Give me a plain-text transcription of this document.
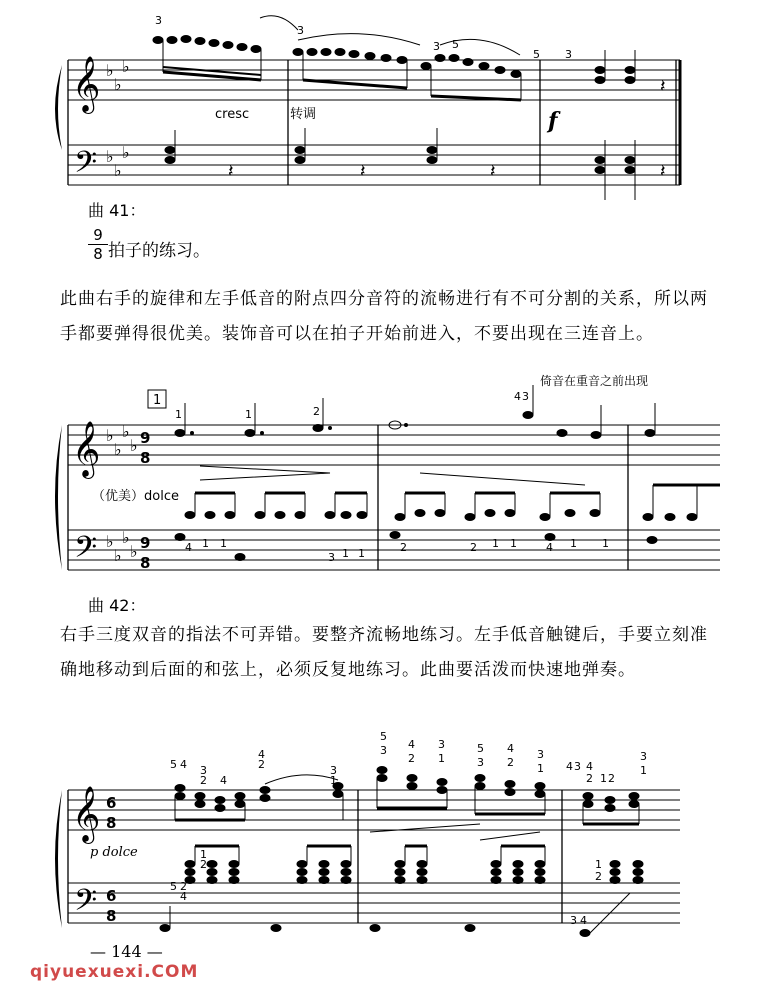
𝄞
𝄢
♭
♭
♭
♭
♭
♭
𝄽	𝄽	𝄽
𝄽
𝄽
3
3
3 5
5 3
cresc	转调	f
曲 41：
$\frac{9}{8}$ 拍子的练习。
此曲右手的旋律和左手低音的附点四分音符的流畅进行有不可分割的关系，所以两手都要弹得很优美。装饰音可以在拍子开始前进入，不要出现在三连音上。
倚音在重音之前出现
1
𝄞
𝄢
♭
♭
♭
♭
♭
♭
♭
♭
9
8
9
8
1	1	2
4 3
4 1 1
3 1 1	2	2 1 1	4 1 1
（优美）dolce
曲 42：
右手三度双音的指法不可弄错。要整齐流畅地练习。左手低音触键后，手要立刻准确地移动到后面的和弦上，必须反复地练习。此曲要活泼而快速地弹奏。
𝄞
𝄢
6
8
6
8
5 4 3
2 4
4
2	3
1
5
3 4
2
3
1
5
3
4
2
3
1 4 3 4
2 1 2
3
1
5 2
4
1
2
3 4
1
2
p dolce
— 144 —
qiyuexuexi.COM
